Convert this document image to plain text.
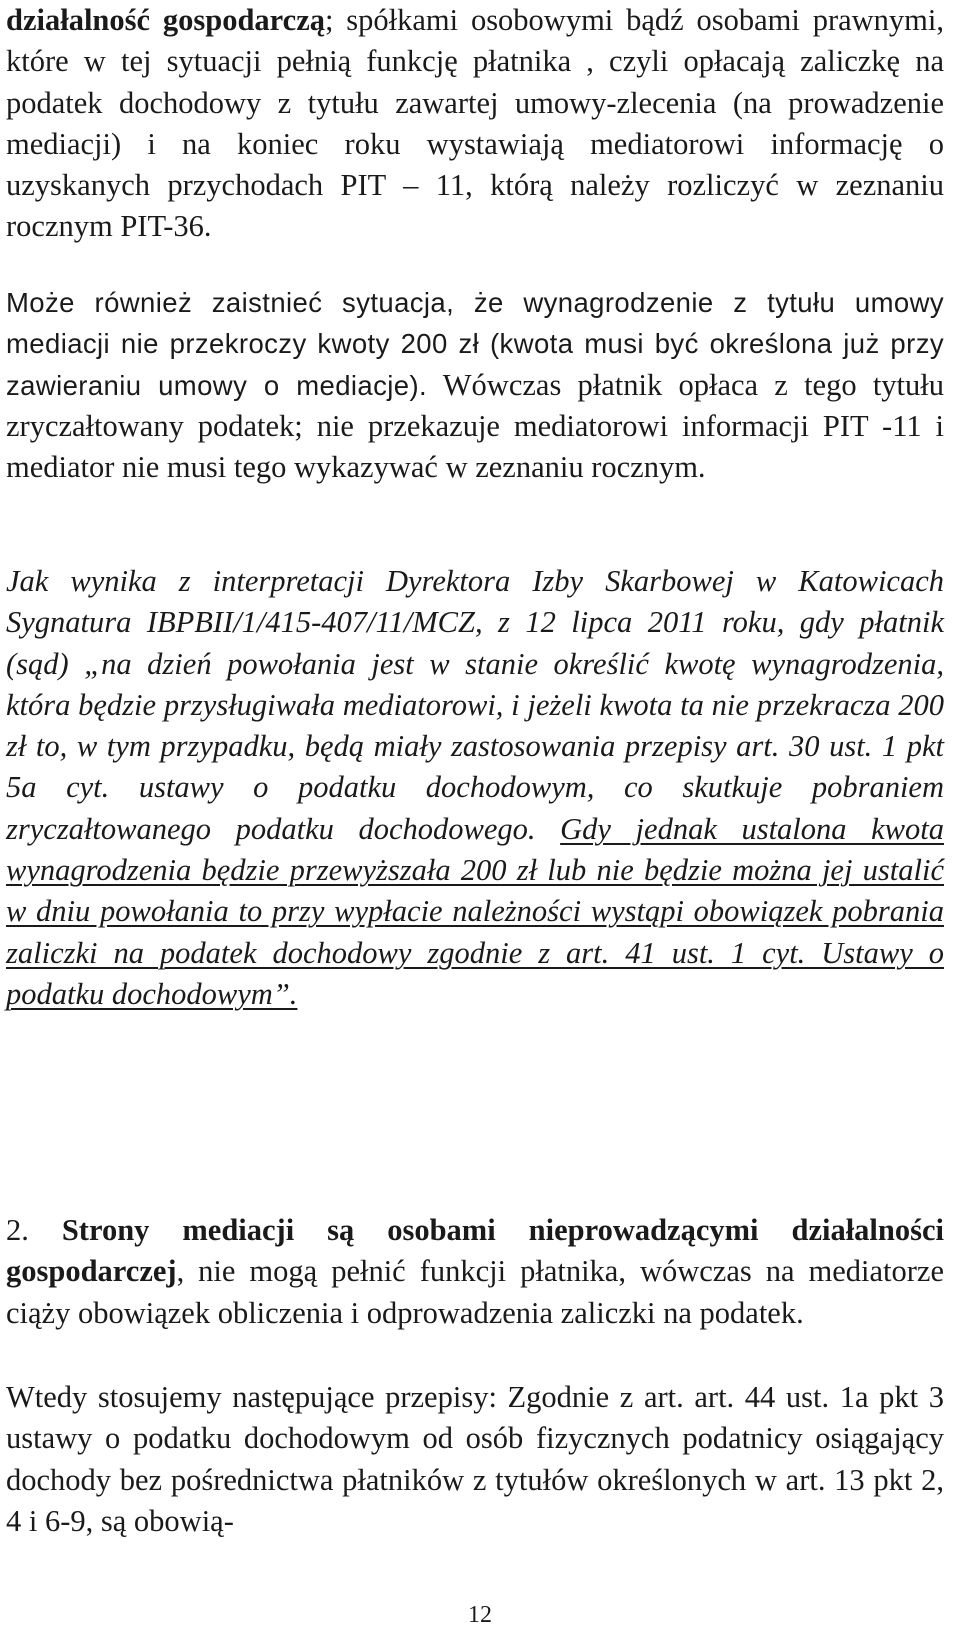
działalność gospodarczą; spółkami osobowymi bądź osobami prawnymi, które w tej sytuacji pełnią funkcję płatnika , czyli opłacają zaliczkę na podatek dochodowy z tytułu zawartej umowy-zlecenia (na prowadzenie mediacji) i na koniec roku wystawiają mediatorowi informację o uzyskanych przychodach PIT – 11, którą należy rozliczyć w zeznaniu rocznym PIT-36.

Może również zaistnieć sytuacja, że wynagrodzenie z tytułu umowy mediacji nie przekroczy kwoty 200 zł (kwota musi być określona już przy zawieraniu umowy o mediacje). Wówczas płatnik opłaca z tego tytułu zryczałtowany podatek; nie przekazuje mediatorowi informacji PIT -11 i mediator nie musi tego wykazywać w zeznaniu rocznym.

Jak wynika z interpretacji Dyrektora Izby Skarbowej w Katowicach Sygnatura IBPBII/1/415-407/11/MCZ, z 12 lipca 2011 roku, gdy płatnik (sąd) „na dzień powołania jest w stanie określić kwotę wynagrodzenia, która będzie przysługiwała mediatorowi, i jeżeli kwota ta nie przekracza 200 zł to, w tym przypadku, będą miały zastosowania przepisy art. 30 ust. 1 pkt 5a cyt. ustawy o podatku dochodowym, co skutkuje pobraniem zryczałtowanego podatku dochodowego. Gdy jednak ustalona kwota wynagrodzenia będzie przewyższała 200 zł lub nie będzie można jej ustalić w dniu powołania to przy wypłacie należności wystąpi obowiązek pobrania zaliczki na podatek dochodowy zgodnie z art. 41 ust. 1 cyt. Ustawy o podatku dochodowym”.

2. Strony mediacji są osobami nieprowadzącymi działalności gospodarczej, nie mogą pełnić funkcji płatnika, wówczas na mediatorze ciąży obowiązek obliczenia i odprowadzenia zaliczki na podatek.

Wtedy stosujemy następujące przepisy: Zgodnie z art. art. 44 ust. 1a pkt 3 ustawy o podatku dochodowym od osób fizycznych podatnicy osiągający dochody bez pośrednictwa płatników z tytułów określonych w art. 13 pkt 2, 4 i 6-9, są obowią-

12
